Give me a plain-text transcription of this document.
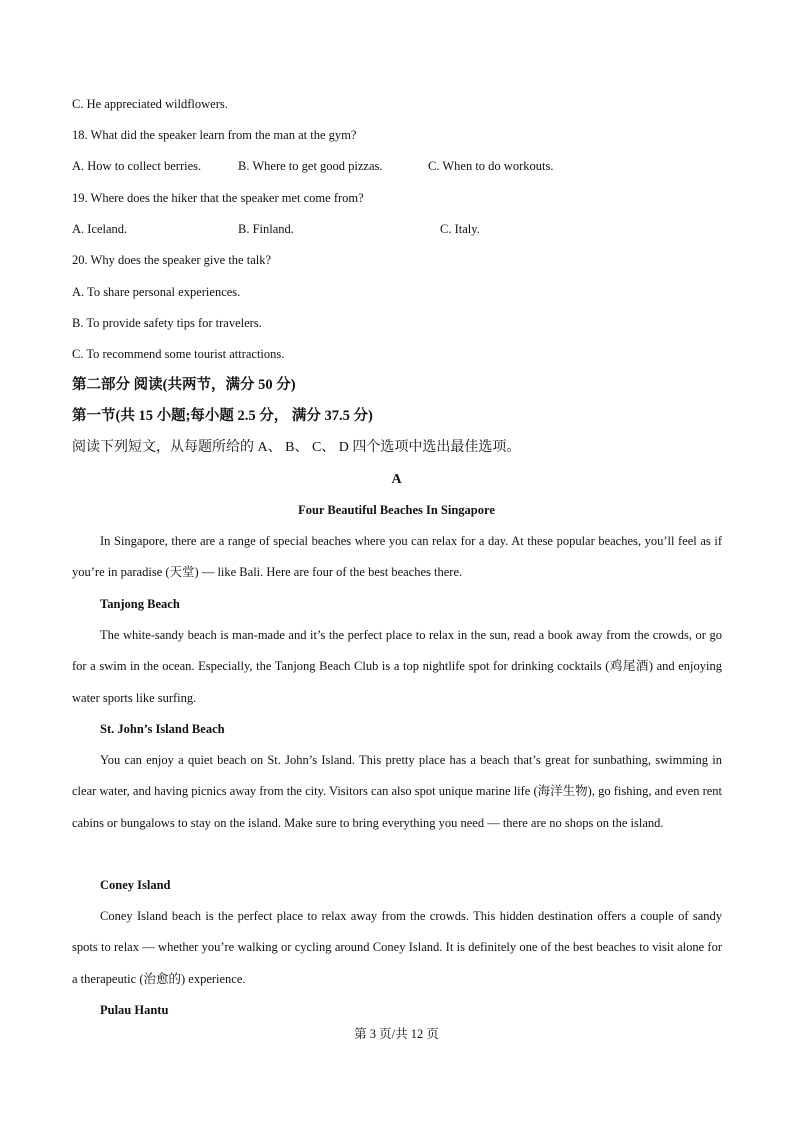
C. He appreciated wildflowers.
18. What did the speaker learn from the man at the gym?
A. How to collect berries.	B. Where to get good pizzas.	C. When to do workouts.
19. Where does the hiker that the speaker met come from?
A. Iceland.	B. Finland.	C. Italy.
20. Why does the speaker give the talk?
A. To share personal experiences.
B. To provide safety tips for travelers.
C. To recommend some tourist attractions.
第二部分 阅读(共两节，满分 50 分)
第一节(共 15 小题;每小题 2.5 分， 满分 37.5 分)
阅读下列短文，从每题所给的 A、 B、 C、 D 四个选项中选出最佳选项。
A
Four Beautiful Beaches In Singapore

In Singapore, there are a range of special beaches where you can relax for a day. At these popular beaches, you’ll feel as if you’re in paradise (天堂) — like Bali. Here are four of the best beaches there.

Tanjong Beach

The white-sandy beach is man-made and it’s the perfect place to relax in the sun, read a book away from the crowds, or go for a swim in the ocean. Especially, the Tanjong Beach Club is a top nightlife spot for drinking cocktails (鸡尾酒) and enjoying water sports like surfing.

St. John’s Island Beach

You can enjoy a quiet beach on St. John’s Island. This pretty place has a beach that’s great for sunbathing, swimming in clear water, and having picnics away from the city. Visitors can also spot unique marine life (海洋生物), go fishing, and even rent cabins or bungalows to stay on the island. Make sure to bring everything you need — there are no shops on the island.

Coney Island

Coney Island beach is the perfect place to relax away from the crowds. This hidden destination offers a couple of sandy spots to relax — whether you’re walking or cycling around Coney Island. It is definitely one of the best beaches to visit alone for a therapeutic (治愈的) experience.

Pulau Hantu
第 3 页/共 12 页
